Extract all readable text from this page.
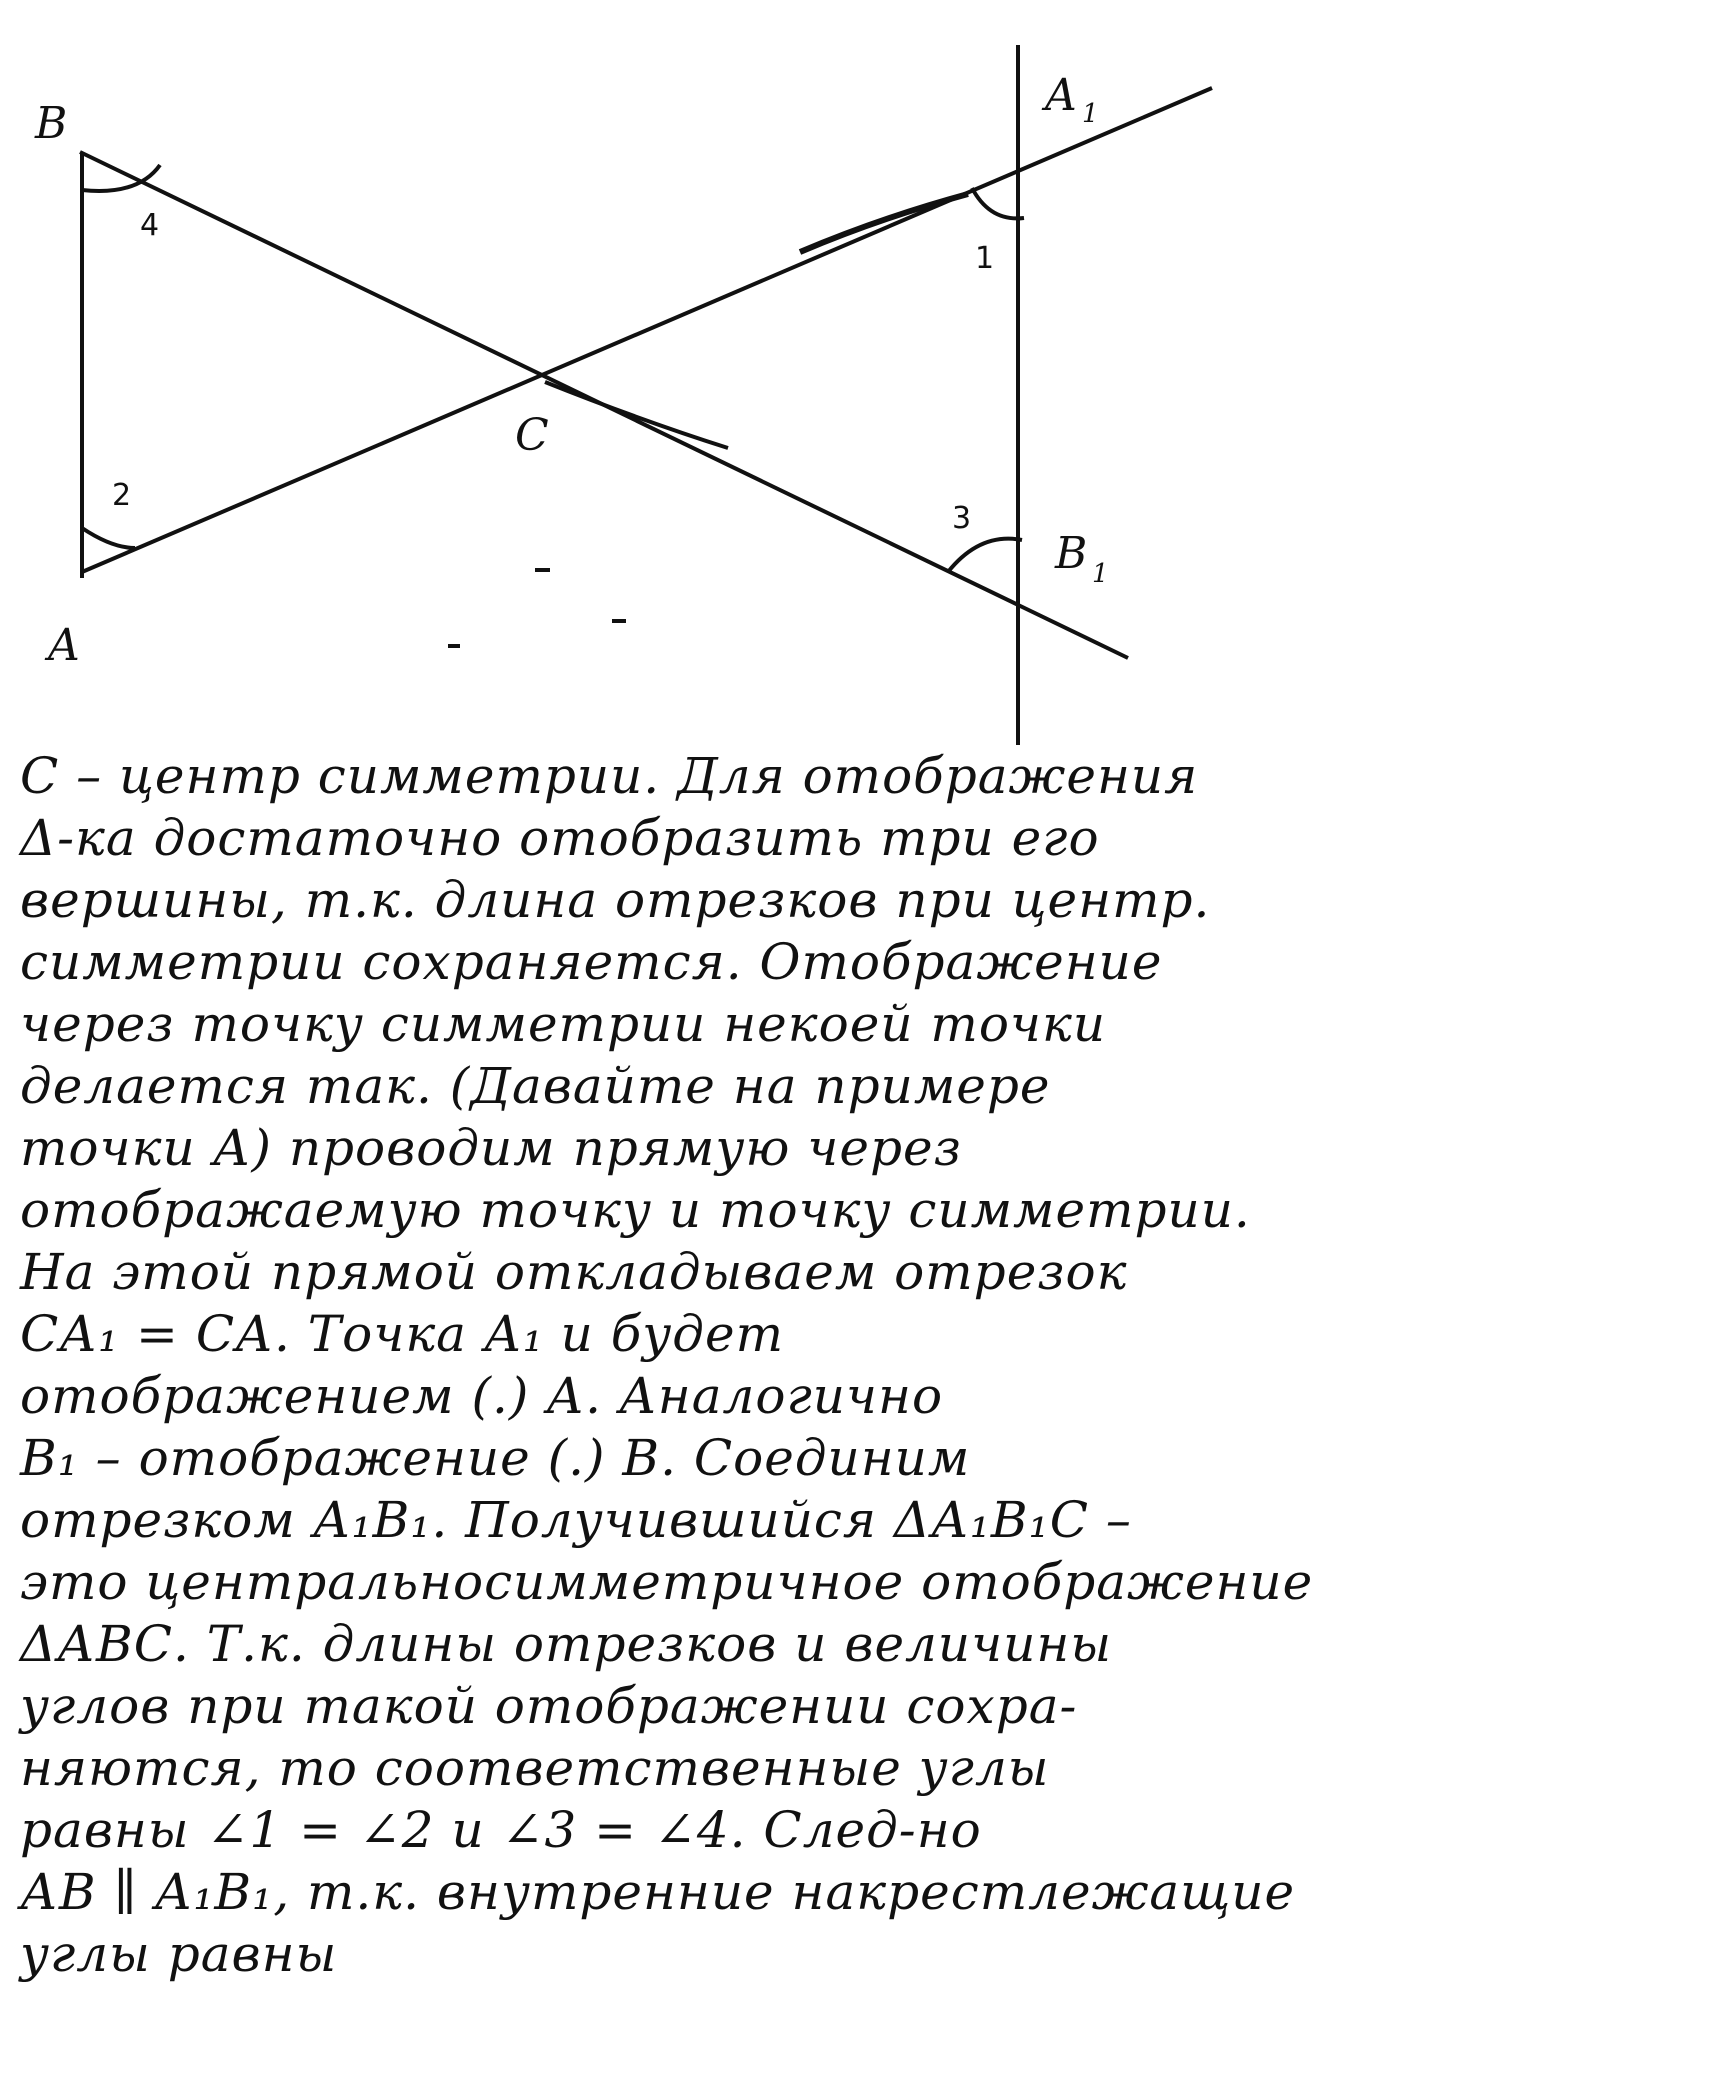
B
A
C
A 1
B 1
4
2
1
3
С – центр симметрии. Для отображения
Δ-ка достаточно отобразить три его
вершины, т.к. длина отрезков при центр.
симметрии сохраняется. Отображение
через точку симметрии некоей точки
делается так. (Давайте на примере
точки А) проводим прямую через
отображаемую точку и точку симметрии.
На этой прямой откладываем отрезок
СА₁ = СА. Точка А₁ и будет
отображением (.) А. Аналогично
В₁ – отображение (.) В. Соединим
отрезком А₁В₁. Получившийся ΔА₁В₁С –
это центральносимметричное отображение
ΔАВС. Т.к. длины отрезков и величины
углов при такой отображении сохра-
няются, то соответственные углы
равны ∠1 = ∠2 и ∠3 = ∠4. След-но
АВ ∥ А₁В₁, т.к. внутренние накрестлежащие
углы равны
